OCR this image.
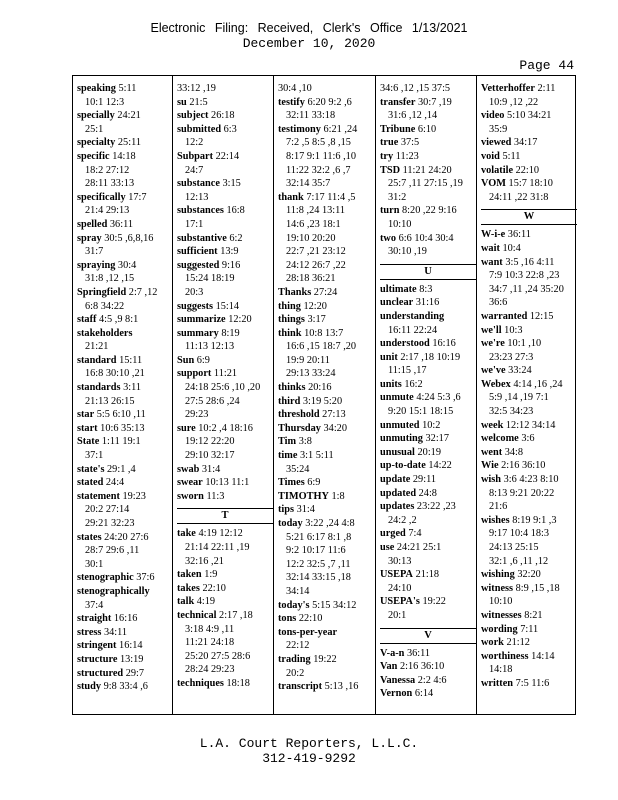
Electronic Filing: Received, Clerk's Office 1/13/2021
December 10, 2020
Page 44
speaking 5:11
10:1 12:3
specially 24:21
25:1
specialty 25:11
specific 14:18
18:2 27:12
28:11 33:13
specifically 17:7
21:4 29:13
spelled 36:11
spray 30:5 ,6,8,16
31:7
spraying 30:4
31:8 ,12 ,15
Springfield 2:7 ,12
6:8 34:22
staff 4:5 ,9 8:1
stakeholders
21:21
standard 15:11
16:8 30:10 ,21
standards 3:11
21:13 26:15
star 5:5 6:10 ,11
start 10:6 35:13
State 1:11 19:1
37:1
state's 29:1 ,4
stated 24:4
statement 19:23
20:2 27:14
29:21 32:23
states 24:20 27:6
28:7 29:6 ,11
30:1
stenographic 37:6
stenographically
37:4
straight 16:16
stress 34:11
stringent 16:14
structure 13:19
structured 29:7
study 9:8 33:4 ,6
33:12 ,19
su 21:5
subject 26:18
submitted 6:3
12:2
Subpart 22:14
24:7
substance 3:15
12:13
substances 16:8
17:1
substantive 6:2
sufficient 13:9
suggested 9:16
15:24 18:19
20:3
suggests 15:14
summarize 12:20
summary 8:19
11:13 12:13
Sun 6:9
support 11:21
24:18 25:6 ,10 ,20
27:5 28:6 ,24
29:23
sure 10:2 ,4 18:16
19:12 22:20
29:10 32:17
swab 31:4
swear 10:13 11:1
sworn 11:3
T
take 4:19 12:12
21:14 22:11 ,19
32:16 ,21
taken 1:9
takes 22:10
talk 4:19
technical 2:17 ,18
3:18 4:9 ,11
11:21 24:18
25:20 27:5 28:6
28:24 29:23
techniques 18:18
30:4 ,10
testify 6:20 9:2 ,6
32:11 33:18
testimony 6:21 ,24
7:2 ,5 8:5 ,8 ,15
8:17 9:1 11:6 ,10
11:22 32:2 ,6 ,7
32:14 35:7
thank 7:17 11:4 ,5
11:8 ,24 13:11
14:6 ,23 18:1
19:10 20:20
22:7 ,21 23:12
24:12 26:7 ,22
28:18 36:21
Thanks 27:24
thing 12:20
things 3:17
think 10:8 13:7
16:6 ,15 18:7 ,20
19:9 20:11
29:13 33:24
thinks 20:16
third 3:19 5:20
threshold 27:13
Thursday 34:20
Tim 3:8
time 3:1 5:11
35:24
Times 6:9
TIMOTHY 1:8
tips 31:4
today 3:22 ,24 4:8
5:21 6:17 8:1 ,8
9:2 10:17 11:6
12:2 32:5 ,7 ,11
32:14 33:15 ,18
34:14
today's 5:15 34:12
tons 22:10
tons-per-year
22:12
trading 19:22
20:2
transcript 5:13 ,16
34:6 ,12 ,15 37:5
transfer 30:7 ,19
31:6 ,12 ,14
Tribune 6:10
true 37:5
try 11:23
TSD 11:21 24:20
25:7 ,11 27:15 ,19
31:2
turn 8:20 ,22 9:16
10:10
two 6:6 10:4 30:4
30:10 ,19
U
ultimate 8:3
unclear 31:16
understanding
16:11 22:24
understood 16:16
unit 2:17 ,18 10:19
11:15 ,17
units 16:2
unmute 4:24 5:3 ,6
9:20 15:1 18:15
unmuted 10:2
unmuting 32:17
unusual 20:19
up-to-date 14:22
update 29:11
updated 24:8
updates 23:22 ,23
24:2 ,2
urged 7:4
use 24:21 25:1
30:13
USEPA 21:18
24:10
USEPA's 19:22
20:1
V
V-a-n 36:11
Van 2:16 36:10
Vanessa 2:2 4:6
Vernon 6:14
Vetterhoffer 2:11
10:9 ,12 ,22
video 5:10 34:21
35:9
viewed 34:17
void 5:11
volatile 22:10
VOM 15:7 18:10
24:11 ,22 31:8
W
W-i-e 36:11
wait 10:4
want 3:5 ,16 4:11
7:9 10:3 22:8 ,23
34:7 ,11 ,24 35:20
36:6
warranted 12:15
we'll 10:3
we're 10:1 ,10
23:23 27:3
we've 33:24
Webex 4:14 ,16 ,24
5:9 ,14 ,19 7:1
32:5 34:23
week 12:12 34:14
welcome 3:6
went 34:8
Wie 2:16 36:10
wish 3:6 4:23 8:10
8:13 9:21 20:22
21:6
wishes 8:19 9:1 ,3
9:17 10:4 18:3
24:13 25:15
32:1 ,6 ,11 ,12
wishing 32:20
witness 8:9 ,15 ,18
10:10
witnesses 8:21
wording 7:11
work 21:12
worthiness 14:14
14:18
written 7:5 11:6
L.A. Court Reporters, L.L.C.
312-419-9292
